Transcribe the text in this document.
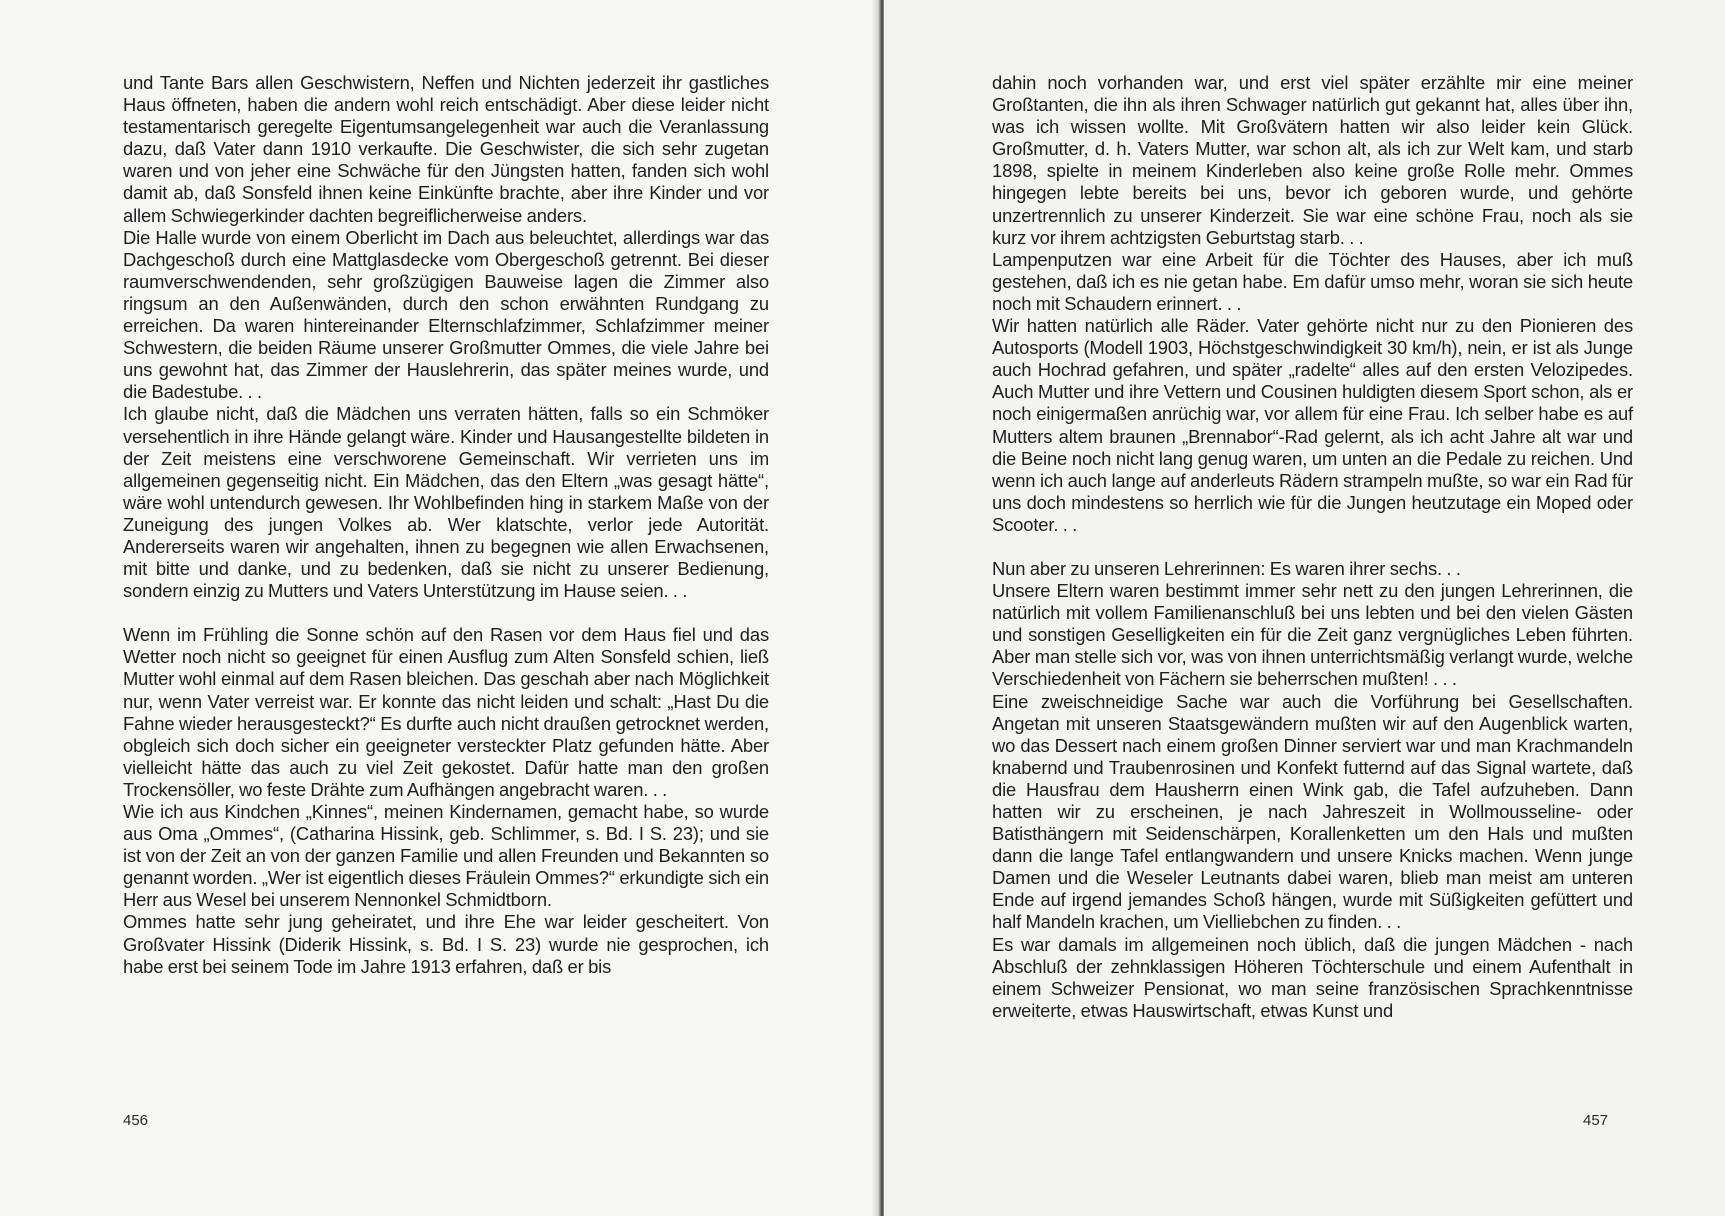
und Tante Bars allen Geschwistern, Neffen und Nichten jederzeit ihr gastliches Haus öffneten, haben die andern wohl reich entschädigt. Aber diese leider nicht testamentarisch geregelte Eigentumsangelegenheit war auch die Veranlassung dazu, daß Vater dann 1910 verkaufte. Die Geschwister, die sich sehr zugetan waren und von jeher eine Schwäche für den Jüngsten hatten, fanden sich wohl damit ab, daß Sonsfeld ihnen keine Einkünfte brachte, aber ihre Kinder und vor allem Schwiegerkinder dachten begreiflicherweise anders.

Die Halle wurde von einem Oberlicht im Dach aus beleuchtet, allerdings war das Dachgeschoß durch eine Mattglasdecke vom Obergeschoß getrennt. Bei dieser raumverschwendenden, sehr großzügigen Bauweise lagen die Zimmer also ringsum an den Außenwänden, durch den schon erwähnten Rundgang zu erreichen. Da waren hintereinander Elternschlafzimmer, Schlafzimmer meiner Schwestern, die beiden Räume unserer Großmutter Ommes, die viele Jahre bei uns gewohnt hat, das Zimmer der Hauslehrerin, das später meines wurde, und die Badestube. . .

Ich glaube nicht, daß die Mädchen uns verraten hätten, falls so ein Schmöker versehentlich in ihre Hände gelangt wäre. Kinder und Hausangestellte bildeten in der Zeit meistens eine verschworene Gemeinschaft. Wir verrieten uns im allgemeinen gegenseitig nicht. Ein Mädchen, das den Eltern „was gesagt hätte“, wäre wohl untendurch gewesen. Ihr Wohlbefinden hing in starkem Maße von der Zuneigung des jungen Volkes ab. Wer klatschte, verlor jede Autorität. Andererseits waren wir angehalten, ihnen zu begegnen wie allen Erwachsenen, mit bitte und danke, und zu bedenken, daß sie nicht zu unserer Bedienung, sondern einzig zu Mutters und Vaters Unterstützung im Hause seien. . .

Wenn im Frühling die Sonne schön auf den Rasen vor dem Haus fiel und das Wetter noch nicht so geeignet für einen Ausflug zum Alten Sonsfeld schien, ließ Mutter wohl einmal auf dem Rasen bleichen. Das geschah aber nach Möglichkeit nur, wenn Vater verreist war. Er konnte das nicht leiden und schalt: „Hast Du die Fahne wieder herausgesteckt?“ Es durfte auch nicht draußen getrocknet werden, obgleich sich doch sicher ein geeigneter versteckter Platz gefunden hätte. Aber vielleicht hätte das auch zu viel Zeit gekostet. Dafür hatte man den großen Trockensöller, wo feste Drähte zum Aufhängen angebracht waren. . .

Wie ich aus Kindchen „Kinnes“, meinen Kindernamen, gemacht habe, so wurde aus Oma „Ommes“, (Catharina Hissink, geb. Schlimmer, s. Bd. I S. 23); und sie ist von der Zeit an von der ganzen Familie und allen Freunden und Bekannten so genannt worden. „Wer ist eigentlich dieses Fräulein Ommes?“ erkundigte sich ein Herr aus Wesel bei unserem Nennonkel Schmidtborn.

Ommes hatte sehr jung geheiratet, und ihre Ehe war leider gescheitert. Von Großvater Hissink (Diderik Hissink, s. Bd. I S. 23) wurde nie gesprochen, ich habe erst bei seinem Tode im Jahre 1913 erfahren, daß er bis

456

dahin noch vorhanden war, und erst viel später erzählte mir eine meiner Großtanten, die ihn als ihren Schwager natürlich gut gekannt hat, alles über ihn, was ich wissen wollte. Mit Großvätern hatten wir also leider kein Glück. Großmutter, d. h. Vaters Mutter, war schon alt, als ich zur Welt kam, und starb 1898, spielte in meinem Kinderleben also keine große Rolle mehr. Ommes hingegen lebte bereits bei uns, bevor ich geboren wurde, und gehörte unzertrennlich zu unserer Kinderzeit. Sie war eine schöne Frau, noch als sie kurz vor ihrem achtzigsten Geburtstag starb. . .

Lampenputzen war eine Arbeit für die Töchter des Hauses, aber ich muß gestehen, daß ich es nie getan habe. Em dafür umso mehr, woran sie sich heute noch mit Schaudern erinnert. . .

Wir hatten natürlich alle Räder. Vater gehörte nicht nur zu den Pionieren des Autosports (Modell 1903, Höchstgeschwindigkeit 30 km/h), nein, er ist als Junge auch Hochrad gefahren, und später „radelte“ alles auf den ersten Velozipedes. Auch Mutter und ihre Vettern und Cousinen huldigten diesem Sport schon, als er noch einigermaßen anrüchig war, vor allem für eine Frau. Ich selber habe es auf Mutters altem braunen „Brennabor“-Rad gelernt, als ich acht Jahre alt war und die Beine noch nicht lang genug waren, um unten an die Pedale zu reichen. Und wenn ich auch lange auf anderleuts Rädern strampeln mußte, so war ein Rad für uns doch mindestens so herrlich wie für die Jungen heutzutage ein Moped oder Scooter. . .

Nun aber zu unseren Lehrerinnen: Es waren ihrer sechs. . .

Unsere Eltern waren bestimmt immer sehr nett zu den jungen Lehrerinnen, die natürlich mit vollem Familienanschluß bei uns lebten und bei den vielen Gästen und sonstigen Geselligkeiten ein für die Zeit ganz vergnügliches Leben führten. Aber man stelle sich vor, was von ihnen unterrichtsmäßig verlangt wurde, welche Verschiedenheit von Fächern sie beherrschen mußten! . . .

Eine zweischneidige Sache war auch die Vorführung bei Gesellschaften. Angetan mit unseren Staatsgewändern mußten wir auf den Augenblick warten, wo das Dessert nach einem großen Dinner serviert war und man Krachmandeln knabernd und Traubenrosinen und Konfekt futternd auf das Signal wartete, daß die Hausfrau dem Hausherrn einen Wink gab, die Tafel aufzuheben. Dann hatten wir zu erscheinen, je nach Jahreszeit in Wollmousseline- oder Batisthängern mit Seidenschärpen, Korallenketten um den Hals und mußten dann die lange Tafel entlangwandern und unsere Knicks machen. Wenn junge Damen und die Weseler Leutnants dabei waren, blieb man meist am unteren Ende auf irgend jemandes Schoß hängen, wurde mit Süßigkeiten gefüttert und half Mandeln krachen, um Vielliebchen zu finden. . .

Es war damals im allgemeinen noch üblich, daß die jungen Mädchen - nach Abschluß der zehnklassigen Höheren Töchterschule und einem Aufenthalt in einem Schweizer Pensionat, wo man seine französischen Sprachkenntnisse erweiterte, etwas Hauswirtschaft, etwas Kunst und

457
